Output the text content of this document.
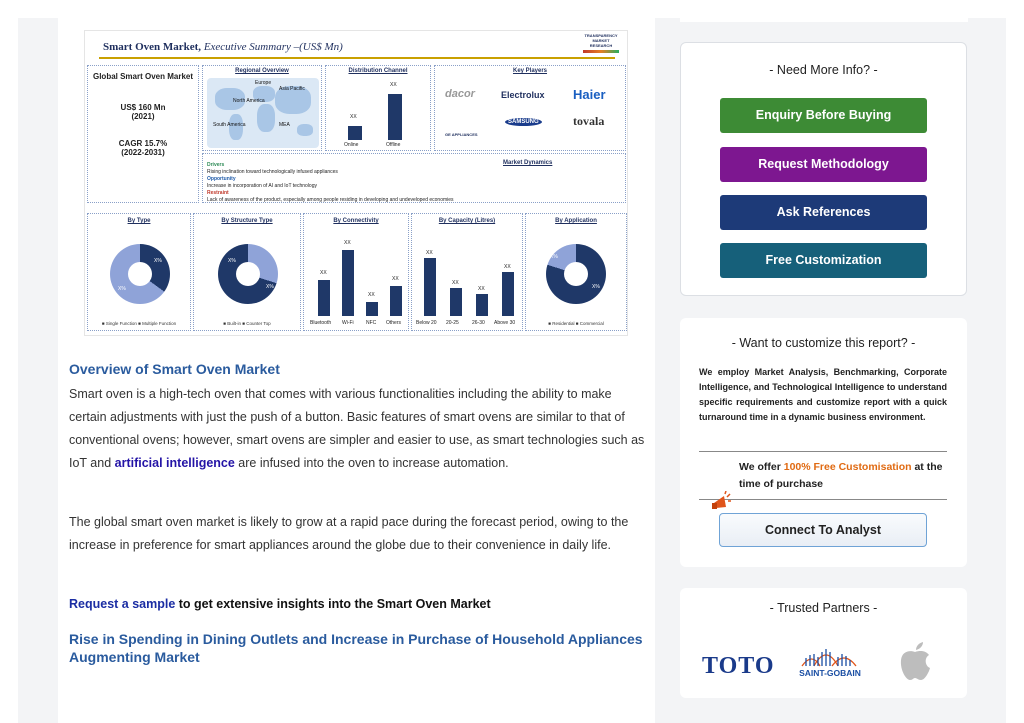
Smart Oven Market, Executive Summary –(US$ Mn)
TRANSPARENCY MARKET RESEARCH
Global Smart Oven Market
US$ 160 Mn
(2021)
CAGR 15.7%
(2022-2031)
Regional Overview
Europe
Asia Pacific
North America
South America	MEA
Distribution Channel
XX
XX
Online	Offline
Key Players
dacor	Electrolux Haier
GE APPLIANCES
SAMSUNG	tovala
Market Dynamics
Drivers
Rising inclination toward technologically infused appliances
Opportunity
Increase in incorporation of AI and IoT technology
Restraint
Lack of awareness of the product, especially among people residing in developing and undeveloped economies
By Type
X%
X%
■ Single Function ■ Multiple Function
By Structure Type
X%
X%
■ Built-in ■ Counter Top
By Connectivity
XX
XX
XX
XX
Bluetooth Wi-Fi NFC Others
By Capacity (Litres)
XX
XX
XX
XX
Below 20 20-25	26-30 Above 30
By Application
X%
X%
■ Residential ■ Commercial
Overview of Smart Oven Market

Smart oven is a high-tech oven that comes with various functionalities including the ability to make certain adjustments with just the push of a button. Basic features of smart ovens are similar to that of conventional ovens; however, smart ovens are simpler and easier to use, as smart technologies such as IoT and artificial intelligence are infused into the oven to increase automation.

The global smart oven market is likely to grow at a rapid pace during the forecast period, owing to the increase in preference for smart appliances around the globe due to their convenience in daily life.

Request a sample to get extensive insights into the Smart Oven Market

Rise in Spending in Dining Outlets and Increase in Purchase of Household Appliances Augmenting Market
- Need More Info? -
Enquiry Before Buying
Request Methodology
Ask References
Free Customization
- Want to customize this report? -
We employ Market Analysis, Benchmarking, Corporate Intelligence, and Technological Intelligence to understand specific requirements and customize report with a quick turnaround time in a dynamic business environment.
We offer 100% Free Customisation at the time of purchase
Connect To Analyst
- Trusted Partners -
TOTO	SAINT-GOBAIN
